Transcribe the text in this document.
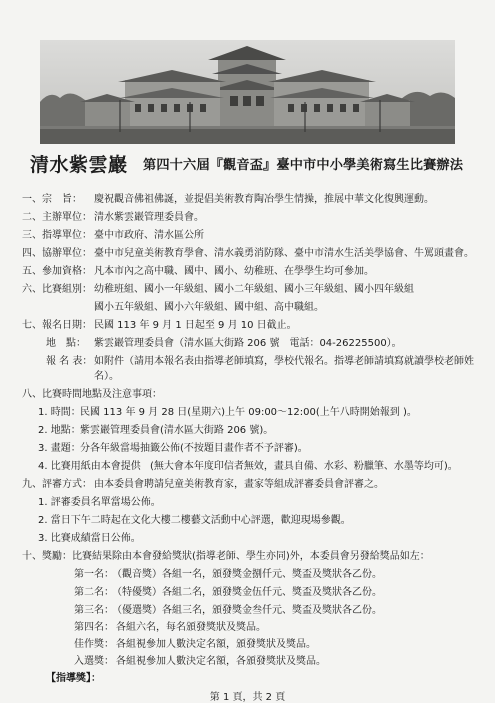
清水紫雲巖 第四十六屆『觀音盃』臺中市中小學美術寫生比賽辦法
一、宗　旨： 慶祝觀音佛祖佛誕，並提倡美術教育陶冶學生情操，推展中華文化復興運動。
二、主辦單位： 清水紫雲巖管理委員會。
三、指導單位： 臺中市政府、清水區公所
四、協辦單位： 臺中市兒童美術教育學會、清水義勇消防隊、臺中市清水生活美學協會、牛罵頭畫會。
五、參加資格： 凡本市內之高中職、國中、國小、幼稚班、在學學生均可參加。
六、比賽組別： 幼稚班組、國小一年級組、國小二年級組、國小三年級組、國小四年級組
國小五年級組、國小六年級組、國中組、高中職組。
七、報名日期： 民國 113 年 9 月 1 日起至 9 月 10 日截止。
地　點： 紫雲巖管理委員會（清水區大街路 206 號　電話：04-26225500）。
報 名 表： 如附件（請用本報名表由指導老師填寫，學校代報名。指導老師請填寫就讀學校老師姓
名）。
八、比賽時間地點及注意事項：
1. 時間： 民國 113 年 9 月 28 日(星期六)上午 09:00～12:00(上午八時開始報到 )。
2. 地點： 紫雲巖管理委員會(清水區大街路 206 號)。
3. 畫題： 分各年級當場抽籤公佈(不按題目畫作者不予評審)。
4. 比賽用紙由本會提供 (無大會本年度印信者無效，畫具自備、水彩、粉臘筆、水墨等均可)。
九、評審方式： 由本委員會聘請兒童美術教育家，畫家等組成評審委員會評審之。
1. 評審委員名單當場公佈。
2. 當日下午二時起在文化大樓二樓藝文活動中心評選，歡迎現場參觀。
3. 比賽成績當日公佈。
十、獎勵： 比賽結果除由本會發給獎狀(指導老師、學生亦同)外，本委員會另發給獎品如左：
第一名：
（觀音獎）各組一名，頒發獎金捌仟元、獎盃及獎狀各乙份。
第二名：
（特優獎）各組二名，頒發獎金伍仟元、獎盃及獎狀各乙份。
第三名：
（優選獎）各組三名，頒發獎金叁仟元、獎盃及獎狀各乙份。
第四名： 各組六名，每名頒發獎狀及獎品。
佳作獎： 各組視參加人數決定名額，頒發獎狀及獎品。
入選獎： 各組視參加人數決定名額，各頒發獎狀及獎品。
【指導獎】：
第 1 頁，共 2 頁
